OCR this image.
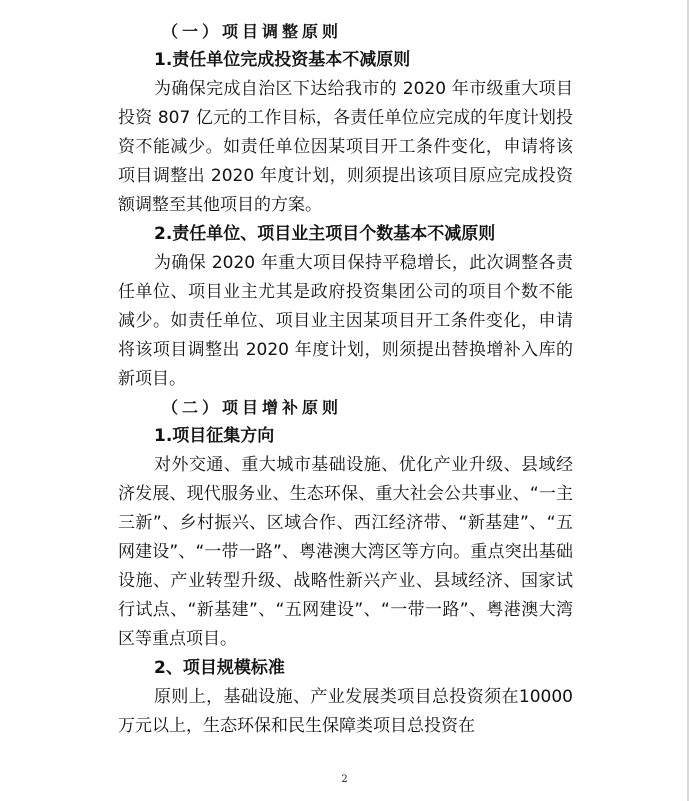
（一）项目调整原则
1.责任单位完成投资基本不减原则

为确保完成自治区下达给我市的 2020 年市级重大项目投资 807 亿元的工作目标，各责任单位应完成的年度计划投资不能减少。如责任单位因某项目开工条件变化，申请将该项目调整出 2020 年度计划，则须提出该项目原应完成投资额调整至其他项目的方案。

2.责任单位、项目业主项目个数基本不减原则

为确保 2020 年重大项目保持平稳增长，此次调整各责任单位、项目业主尤其是政府投资集团公司的项目个数不能减少。如责任单位、项目业主因某项目开工条件变化，申请将该项目调整出 2020 年度计划，则须提出替换增补入库的新项目。

（二）项目增补原则
1.项目征集方向

对外交通、重大城市基础设施、优化产业升级、县域经济发展、现代服务业、生态环保、重大社会公共事业、“一主三新”、乡村振兴、区域合作、西江经济带、“新基建”、“五网建设”、“一带一路”、粤港澳大湾区等方向。重点突出基础设施、产业转型升级、战略性新兴产业、县域经济、国家试行试点、“新基建”、“五网建设”、“一带一路”、粤港澳大湾区等重点项目。

2、项目规模标准

原则上，基础设施、产业发展类项目总投资须在10000 万元以上，生态环保和民生保障类项目总投资在

2
